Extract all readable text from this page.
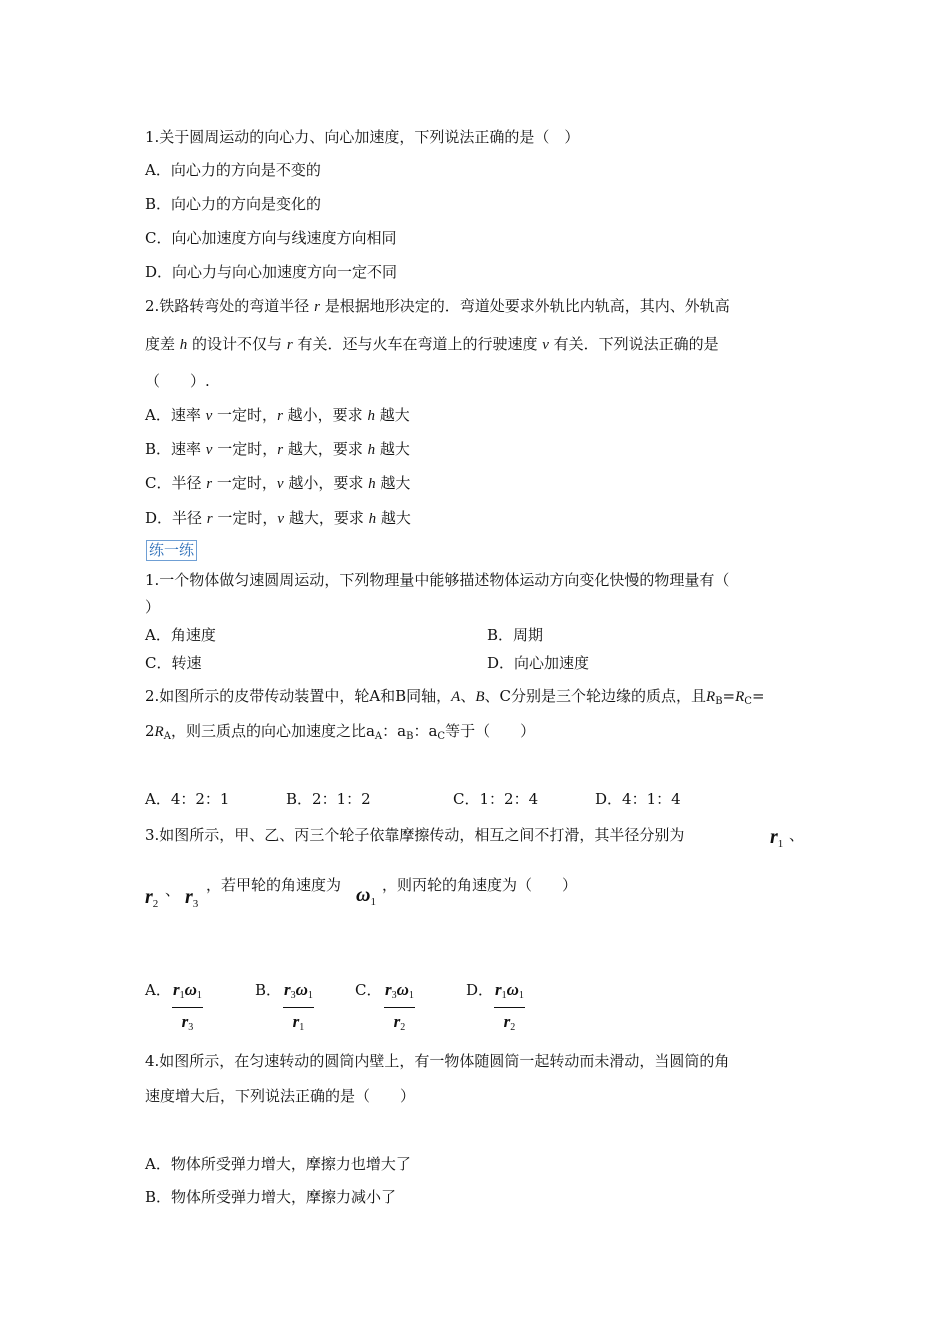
1.关于圆周运动的向心力、向心加速度，下列说法正确的是（　）
A．向心力的方向是不变的
B．向心力的方向是变化的
C．向心加速度方向与线速度方向相同
D．向心力与向心加速度方向一定不同
2.铁路转弯处的弯道半径 r 是根据地形决定的．弯道处要求外轨比内轨高，其内、外轨高
度差 h 的设计不仅与 r 有关．还与火车在弯道上的行驶速度 v 有关．下列说法正确的是
（　　）.
A．速率 v 一定时，r 越小，要求 h 越大
B．速率 v 一定时，r 越大，要求 h 越大
C．半径 r 一定时，v 越小，要求 h 越大
D．半径 r 一定时，v 越大，要求 h 越大
练一练
1.一个物体做匀速圆周运动，下列物理量中能够描述物体运动方向变化快慢的物理量有（
）
A．角速度	B．周期
C．转速	D．向心加速度
2.如图所示的皮带传动装置中，轮A和B同轴，A、B、C分别是三个轮边缘的质点，且$R_B=R_C=$
$2R_A$，则三质点的向心加速度之比$a_A$：$a_B$：$a_C$等于（　　）
A．4：2：1	B．2：1：2	C．1：2：4	D．4：1：4
3.如图所示，甲、乙、丙三个轮子依靠摩擦传动，相互之间不打滑，其半径分别为	$r_1$ 、
$r_2$
、 $r_3$
，若甲轮的角速度为 $\omega_1$
，则丙轮的角速度为（　　）
A． $\frac{r1\omega 1}{r3}$	B． $\frac{r3\omega 1}{r1}$	C． $\frac{r3\omega 1}{r2}$	D． $\frac{r1\omega 1}{r2}$
4.如图所示，在匀速转动的圆筒内壁上，有一物体随圆筒一起转动而未滑动，当圆筒的角
速度增大后，下列说法正确的是（　　）
A．物体所受弹力增大，摩擦力也增大了
B．物体所受弹力增大，摩擦力减小了
